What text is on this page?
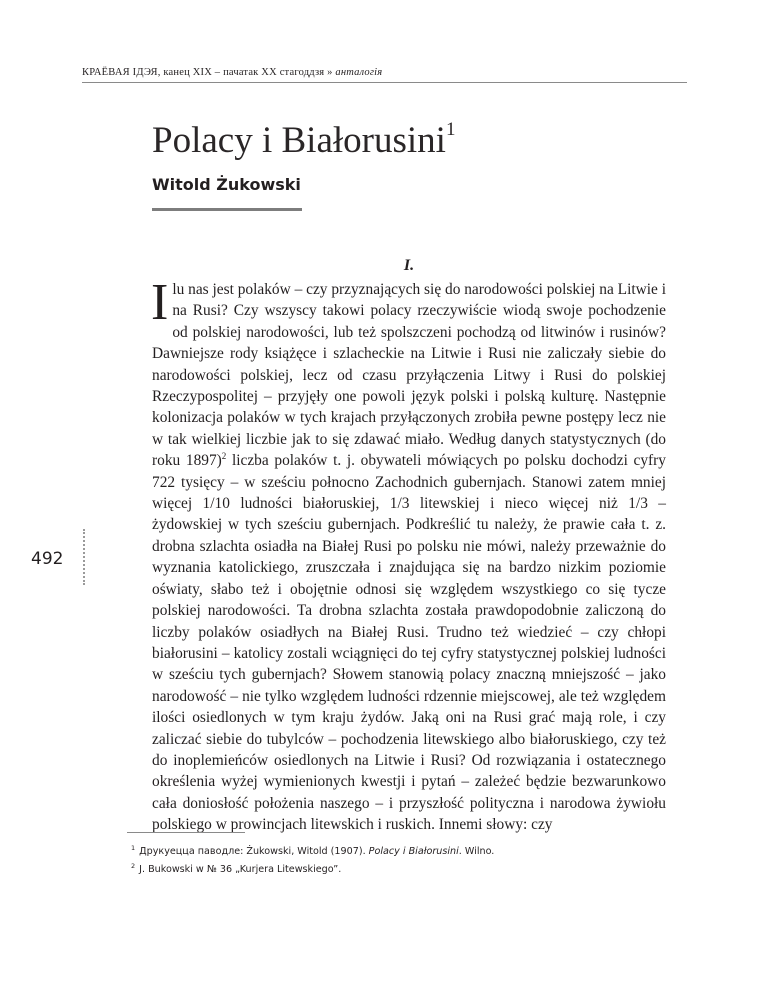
КРАЁВАЯ ІДЭЯ, канец XIX – пачатак XX стагоддзя » антaлогія
Polacy i Białorusini$^1$
Witold Żukowski
I.

Ilu nas jest polaków – czy przyznających się do narodowości polskiej na Litwie i na Rusi? Czy wszyscy takowi polacy rzeczywiście wiodą swoje pochodzenie od polskiej narodowości, lub też spolszczeni pochodzą od litwinów i rusinów? Dawniejsze rody książęce i szlacheckie na Litwie i Rusi nie zaliczały siebie do narodowości polskiej, lecz od czasu przyłączenia Litwy i Rusi do polskiej Rzeczypospolitej – przyjęły one powoli język polski i polską kulturę. Następnie kolonizacja polaków w tych krajach przyłączonych zrobiła pewne postępy lecz nie w tak wielkiej liczbie jak to się zdawać miało. Według danych statystycznych (do roku 1897)$^2$ liczba polaków t. j. obywateli mówiących po polsku dochodzi cyfry 722 tysięcy – w sześciu połnocno Zachodnich gubernjach. Stanowi zatem mniej więcej 1/10 ludności białoruskiej, 1/3 litewskiej i nieco więcej niż 1/3 – żydowskiej w tych sześciu gubernjach. Podkreślić tu należy, że prawie cała t. z. drobna szlachta osiadła na Białej Rusi po polsku nie mówi, należy przeważnie do wyznania katolickiego, zruszczała i znajdująca się na bardzo nizkim poziomie oświaty, słabo też i obojętnie odnosi się względem wszystkiego co się tycze polskiej narodowości. Ta drobna szlachta została prawdopodobnie zaliczoną do liczby polaków osiadłych na Białej Rusi. Trudno też wiedzieć – czy chłopi białorusini – katolicy zostali wciągnięci do tej cyfry statystycznej polskiej ludności w sześciu tych gubernjach? Słowem stanowią polacy znaczną mniejszość – jako narodowość – nie tylko względem ludności rdzennie miejscowej, ale też względem ilości osiedlonych w tym kraju żydów. Jaką oni na Rusi grać mają role, i czy zaliczać siebie do tubylców – pochodzenia litewskiego albo białoruskiego, czy też do inoplemieńców osiedlonych na Litwie i Rusi? Od rozwiązania i ostatecznego określenia wyżej wymienionych kwestji i pytań – zależeć będzie bezwarunkowo cała doniosłość położenia naszego – i przyszłość polityczna i narodowa żywiołu polskiego w prowincjach litewskich i ruskich. Innemi słowy: czy

492
$^1$ Друкуецца паводле: Żukowski, Witold (1907). Polacy i Białorusini. Wilno.
$^2$ J. Bukowski w № 36 „Kurjera Litewskiego”.
